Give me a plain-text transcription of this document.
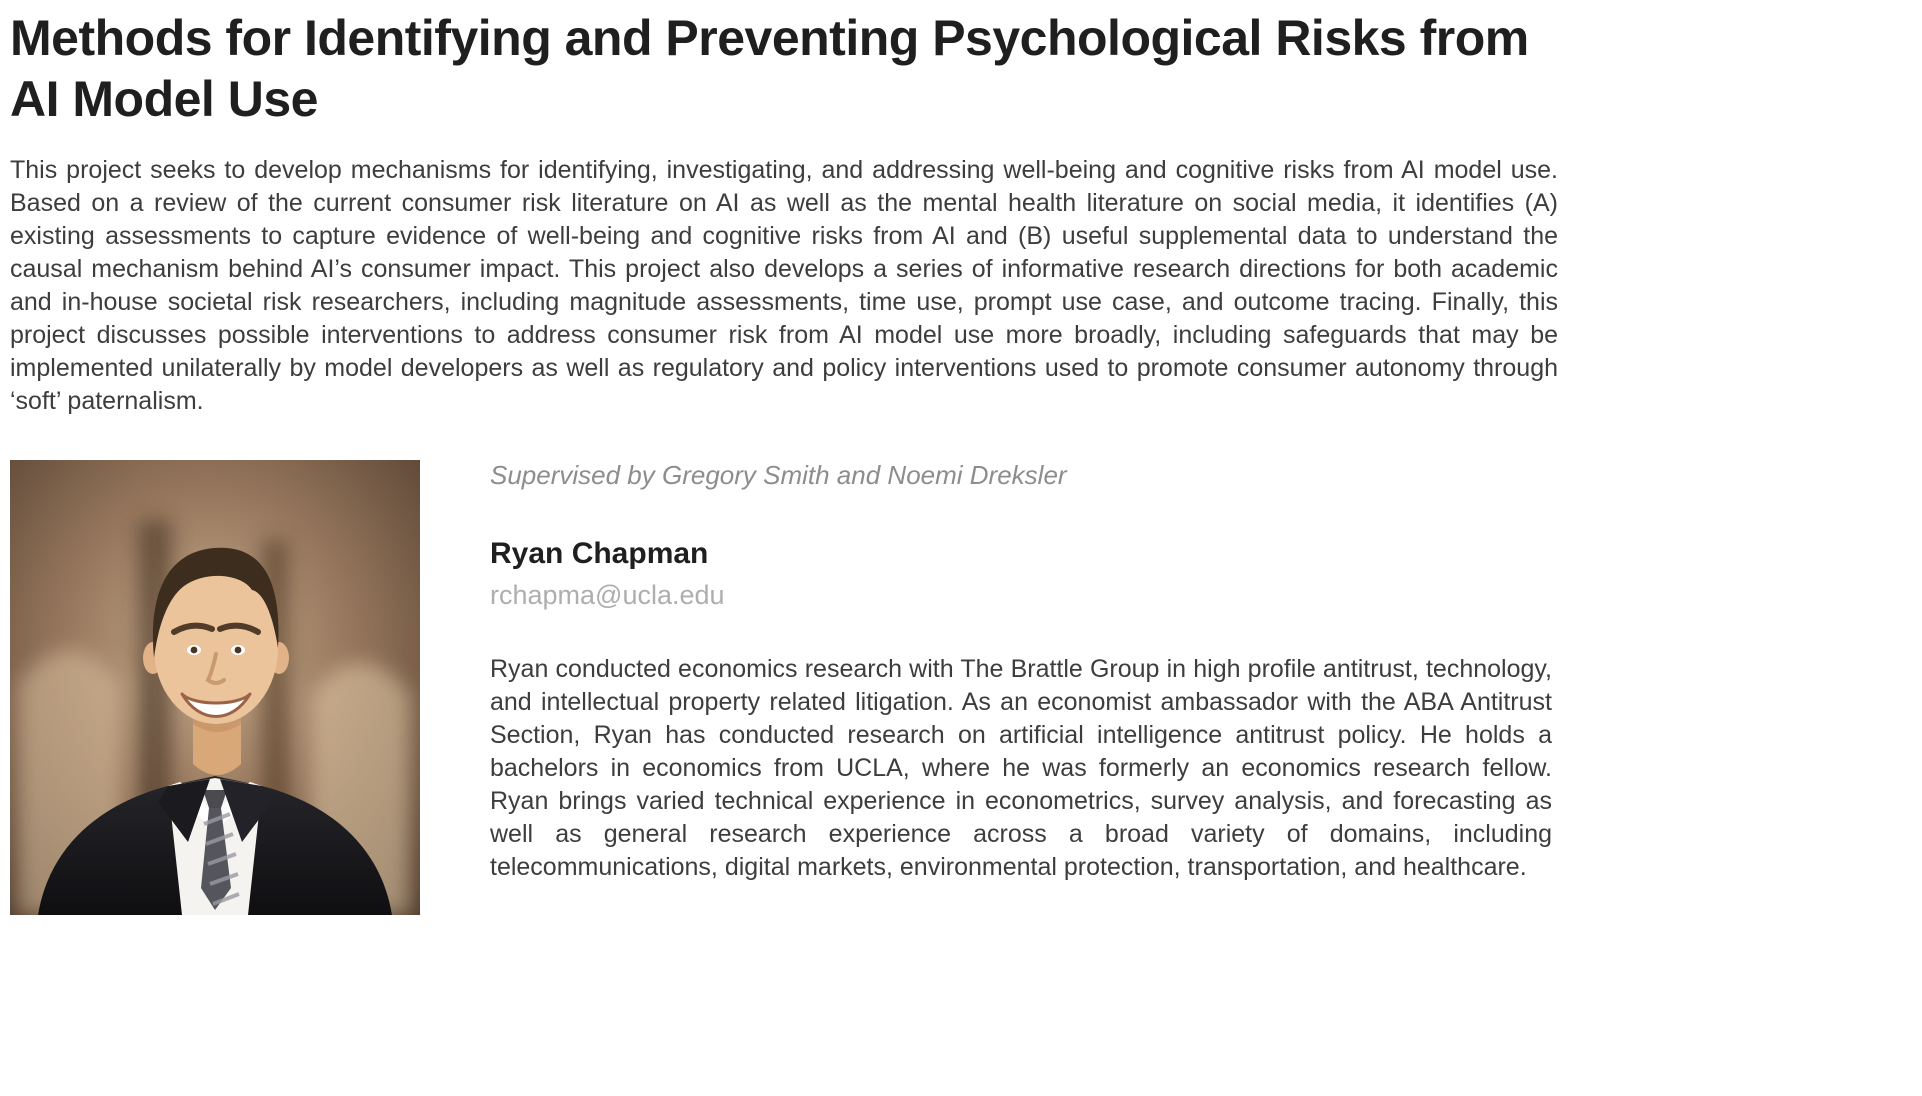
Methods for Identifying and Preventing Psychological Risks from AI Model Use

This project seeks to develop mechanisms for identifying, investigating, and addressing well-being and cognitive risks from AI model use. Based on a review of the current consumer risk literature on AI as well as the mental health literature on social media, it identifies (A) existing assessments to capture evidence of well-being and cognitive risks from AI and (B) useful supplemental data to understand the causal mechanism behind AI’s consumer impact. This project also develops a series of informative research directions for both academic and in-house societal risk researchers, including magnitude assessments, time use, prompt use case, and outcome tracing. Finally, this project discusses possible interventions to address consumer risk from AI model use more broadly, including safeguards that may be implemented unilaterally by model developers as well as regulatory and policy interventions used to promote consumer autonomy through ‘soft’ paternalism.

Supervised by Gregory Smith and Noemi Dreksler

Ryan Chapman
rchapma@ucla.edu

Ryan conducted economics research with The Brattle Group in high profile antitrust, technology, and intellectual property related litigation. As an economist ambassador with the ABA Antitrust Section, Ryan has conducted research on artificial intelligence antitrust policy. He holds a bachelors in economics from UCLA, where he was formerly an economics research fellow. Ryan brings varied technical experience in econometrics, survey analysis, and forecasting as well as general research experience across a broad variety of domains, including telecommunications, digital markets, environmental protection, transportation, and healthcare.
